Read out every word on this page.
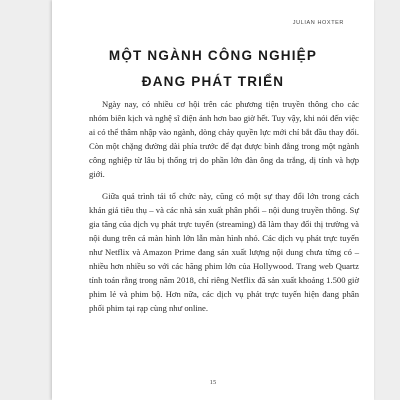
JULIAN HOXTER
MỘT NGÀNH CÔNG NGHIỆP
ĐANG PHÁT TRIỂN

Ngày nay, có nhiều cơ hội trên các phương tiện truyền thông cho các nhóm biên kịch và nghệ sĩ điện ảnh hơn bao giờ hết. Tuy vậy, khi nói đến việc ai có thể thâm nhập vào ngành, dòng chảy quyền lực mới chỉ bắt đầu thay đổi. Còn một chặng đường dài phía trước để đạt được bình đẳng trong một ngành công nghiệp từ lâu bị thống trị do phần lớn đàn ông da trắng, dị tính và hợp giới.

Giữa quá trình tái tổ chức này, cũng có một sự thay đổi lớn trong cách khán giả tiêu thụ – và các nhà sản xuất phân phối – nội dung truyền thông. Sự gia tăng của dịch vụ phát trực tuyến (streaming) đã làm thay đổi thị trường và nội dung trên cả màn hình lớn lẫn màn hình nhỏ. Các dịch vụ phát trực tuyến như Netflix và Amazon Prime đang sản xuất lượng nội dung chưa từng có – nhiều hơn nhiều so với các hãng phim lớn của Hollywood. Trang web Quartz tính toán rằng trong năm 2018, chỉ riêng Netflix đã sản xuất khoảng 1.500 giờ phim lẻ và phim bộ. Hơn nữa, các dịch vụ phát trực tuyến hiện đang phân phối phim tại rạp cùng như online.

15
